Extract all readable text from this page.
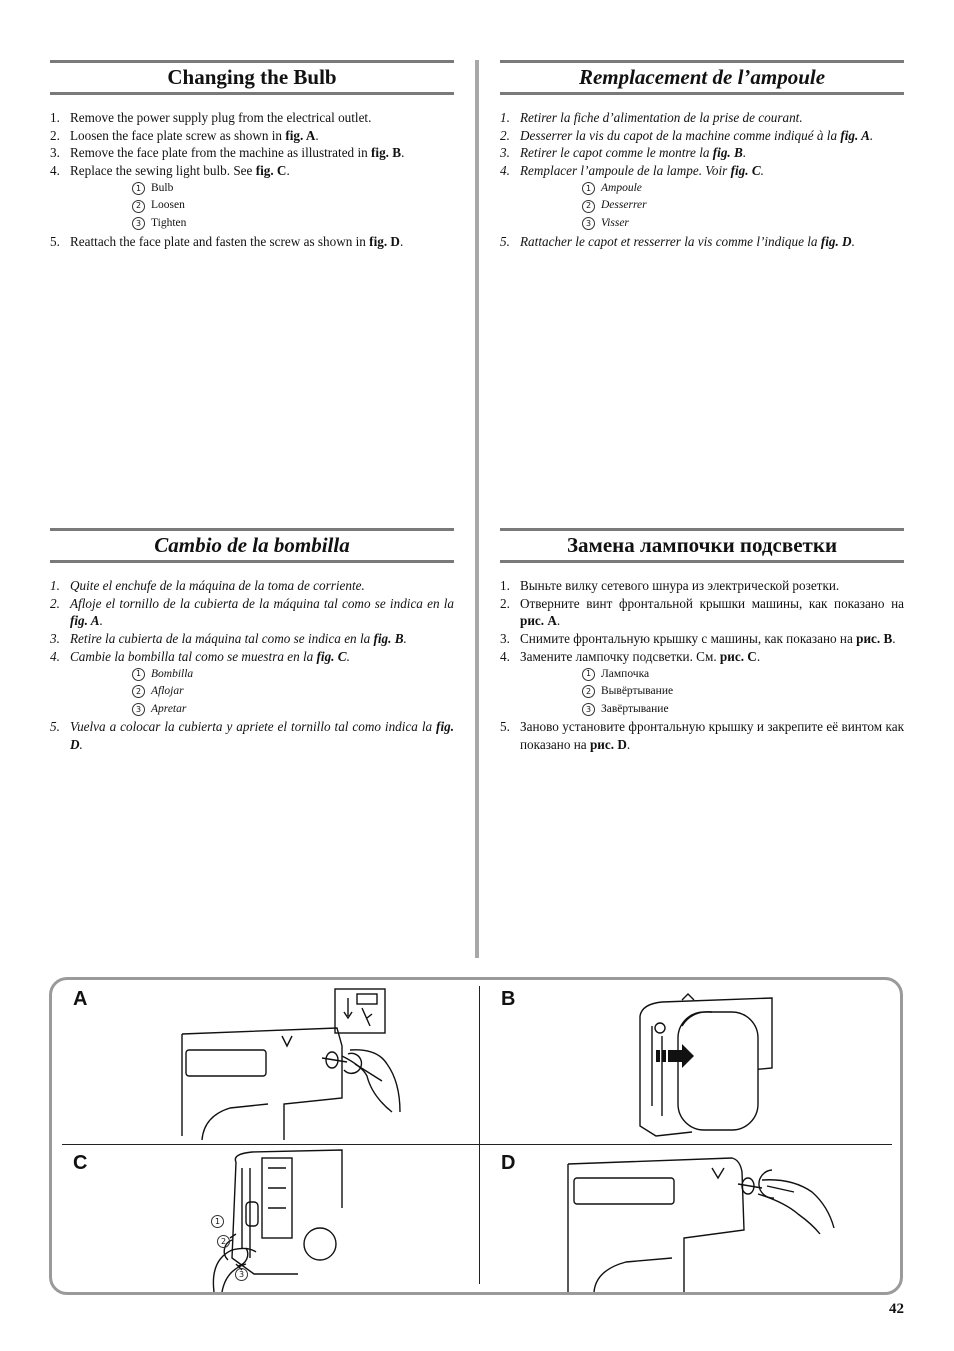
Changing the Bulb
1. Remove the power supply plug from the electrical outlet.
2. Loosen the face plate screw as shown in fig. A.
3. Remove the face plate from the machine as illustrated in fig. B.
4. Replace the sewing light bulb. See fig. C.
1 Bulb
2 Loosen
3 Tighten
5. Reattach the face plate and fasten the screw as shown in fig. D.
Remplacement de l’ampoule
1. Retirer la fiche d’alimentation de la prise de courant.
2. Desserrer la vis du capot de la machine comme indiqué à la fig. A.
3. Retirer le capot comme le montre la fig. B.
4. Remplacer l’ampoule de la lampe. Voir fig. C.
1 Ampoule
2 Desserrer
3 Visser
5. Rattacher le capot et resserrer la vis comme l’indique la fig. D.
Cambio de la bombilla
1. Quite el enchufe de la máquina de la toma de corriente.
2. Afloje el tornillo de la cubierta de la máquina tal como se indica en la fig. A.
3. Retire la cubierta de la máquina tal como se indica en la fig. B.
4. Cambie la bombilla tal como se muestra en la fig. C.
1 Bombilla
2 Aflojar
3 Apretar
5. Vuelva a colocar la cubierta y apriete el tornillo tal como indica la fig. D.
Замена лампочки подсветки
1. Выньте вилку сетевого шнура из электрической розетки.
2. Отверните винт фронтальной крышки машины, как показано на рис. A.
3. Снимите фронтальную крышку с машины, как показано на рис. B.
4. Замените лампочку подсветки. См. рис. C.
1 Лампочка
2 Вывёртывание
3 Завёртывание
5. Заново установите фронтальную крышку и закрепите её винтом как показано на рис. D.
A	B
C	D
1
2
3
42
